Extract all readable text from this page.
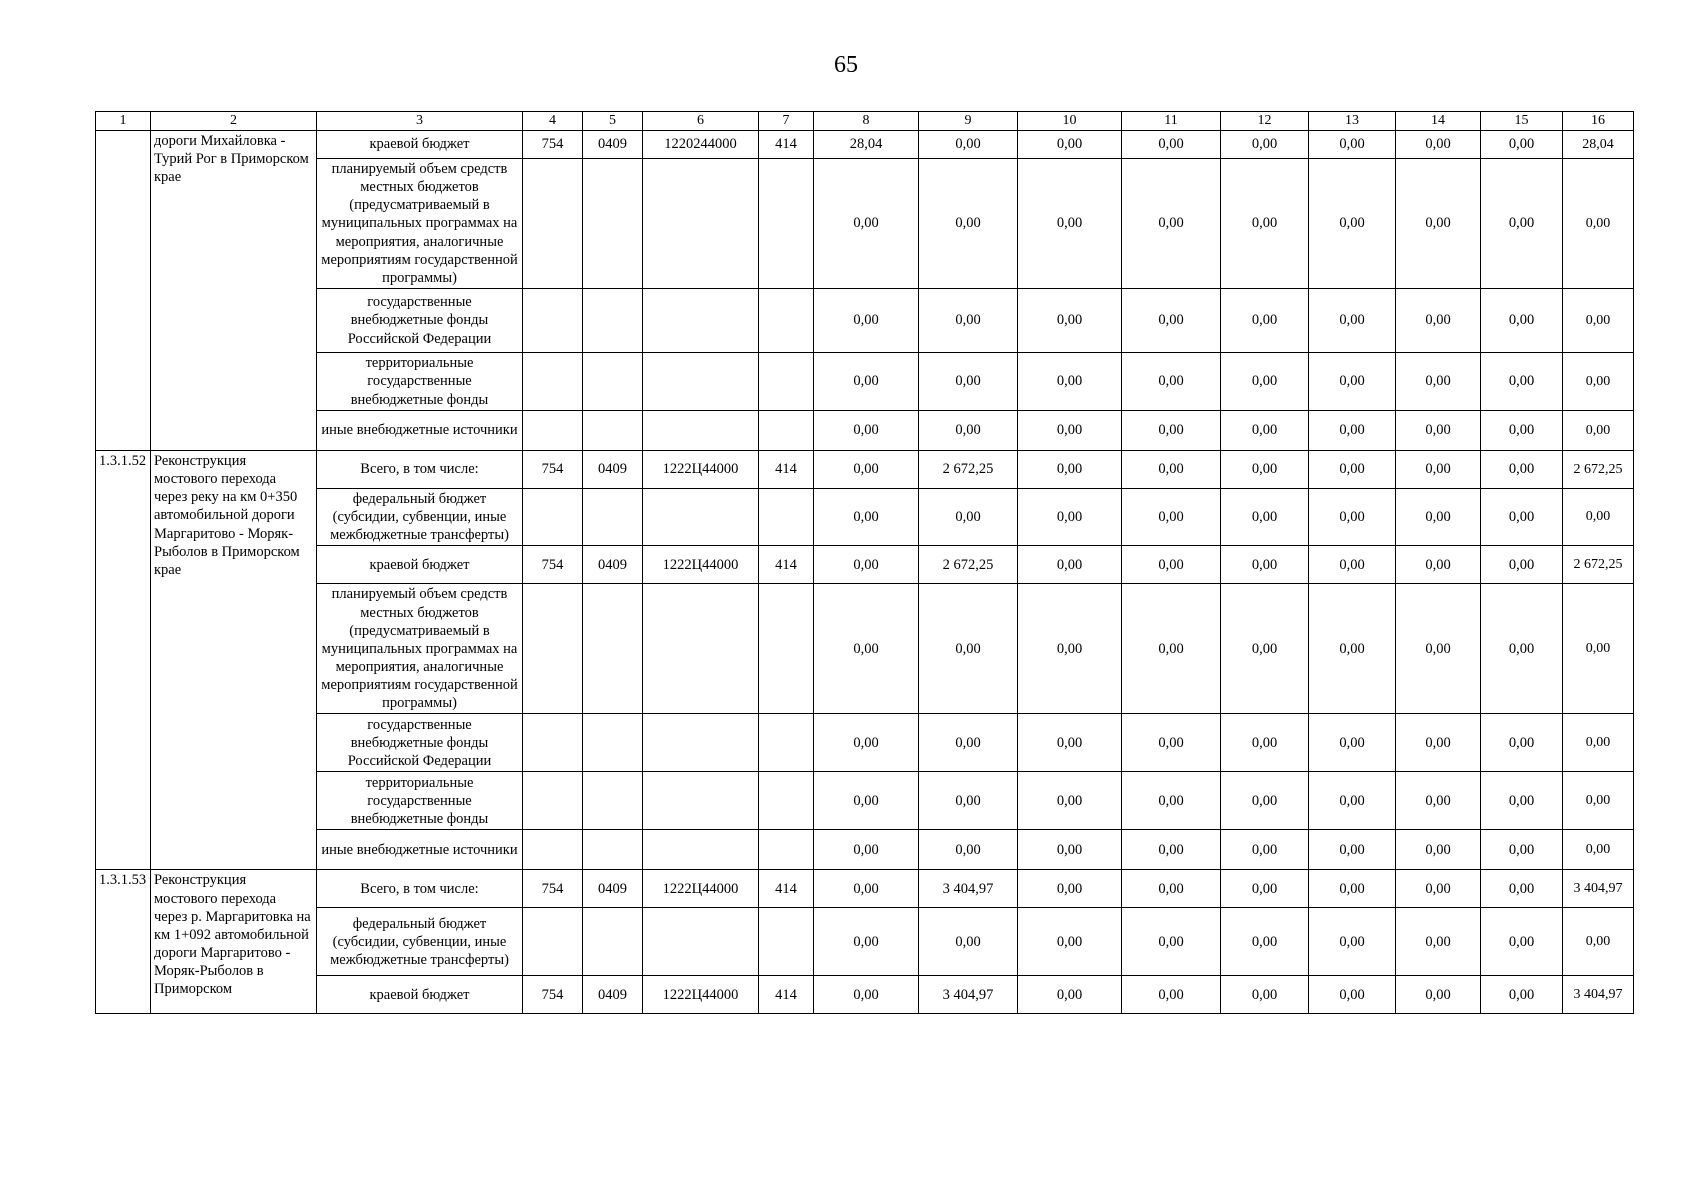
65
1	2	3	4	5	6	7	8	9	10	11	12	13	14	15	16
	дороги Михайловка - Турий Рог в Приморском крае	краевой бюджет	754	0409	1220244000	414	28,04	0,00	0,00	0,00	0,00	0,00	0,00	0,00	28,04
		планируемый объем средств местных бюджетов (предусматриваемый в муниципальных программах на мероприятия, аналогичные мероприятиям государственной программы)					0,00	0,00	0,00	0,00	0,00	0,00	0,00	0,00	0,00
		государственные внебюджетные фонды Российской Федерации					0,00	0,00	0,00	0,00	0,00	0,00	0,00	0,00	0,00
		территориальные государственные внебюджетные фонды					0,00	0,00	0,00	0,00	0,00	0,00	0,00	0,00	0,00
		иные внебюджетные источники					0,00	0,00	0,00	0,00	0,00	0,00	0,00	0,00	0,00
1.3.1.52	Реконструкция мостового перехода через реку на км 0+350 автомобильной дороги Маргаритово - Моряк-Рыболов в Приморском крае	Всего, в том числе:	754	0409	1222Ц44000	414	0,00	2 672,25	0,00	0,00	0,00	0,00	0,00	0,00	2 672,25
		федеральный бюджет (субсидии, субвенции, иные межбюджетные трансферты)					0,00	0,00	0,00	0,00	0,00	0,00	0,00	0,00	0,00
		краевой бюджет	754	0409	1222Ц44000	414	0,00	2 672,25	0,00	0,00	0,00	0,00	0,00	0,00	2 672,25
		планируемый объем средств местных бюджетов (предусматриваемый в муниципальных программах на мероприятия, аналогичные мероприятиям государственной программы)					0,00	0,00	0,00	0,00	0,00	0,00	0,00	0,00	0,00
		государственные внебюджетные фонды Российской Федерации					0,00	0,00	0,00	0,00	0,00	0,00	0,00	0,00	0,00
		территориальные государственные внебюджетные фонды					0,00	0,00	0,00	0,00	0,00	0,00	0,00	0,00	0,00
		иные внебюджетные источники					0,00	0,00	0,00	0,00	0,00	0,00	0,00	0,00	0,00
1.3.1.53	Реконструкция мостового перехода через р. Маргаритовка на км 1+092 автомобильной дороги Маргаритово - Моряк-Рыболов в Приморском	Всего, в том числе:	754	0409	1222Ц44000	414	0,00	3 404,97	0,00	0,00	0,00	0,00	0,00	0,00	3 404,97
		федеральный бюджет (субсидии, субвенции, иные межбюджетные трансферты)					0,00	0,00	0,00	0,00	0,00	0,00	0,00	0,00	0,00
		краевой бюджет	754	0409	1222Ц44000	414	0,00	3 404,97	0,00	0,00	0,00	0,00	0,00	0,00	3 404,97
